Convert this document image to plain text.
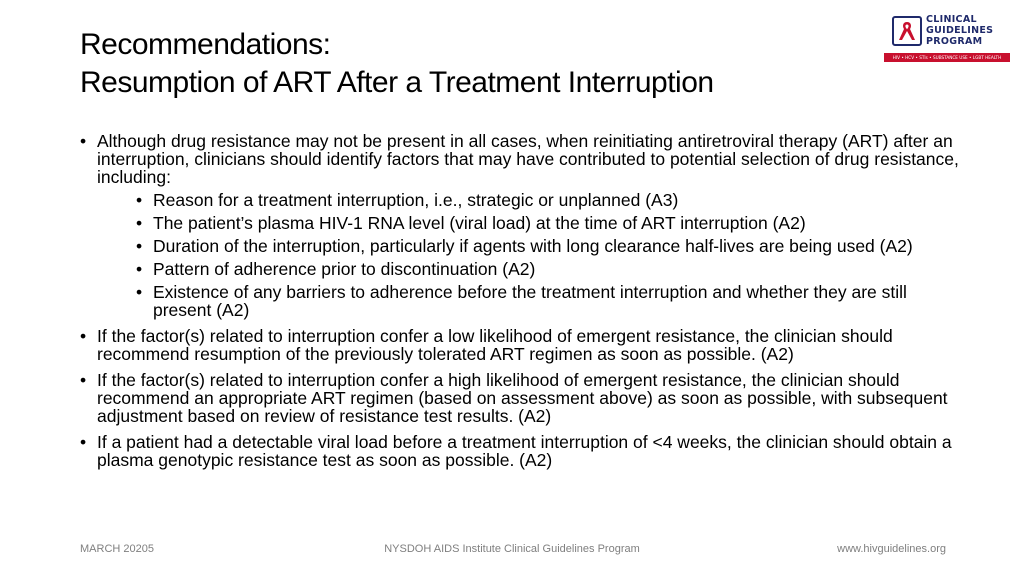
Recommendations:
Resumption of ART After a Treatment Interruption
CLINICAL
GUIDELINES
PROGRAM
HIV • HCV • STIs • SUBSTANCE USE • LGBT HEALTH
• Although drug resistance may not be present in all cases, when reinitiating antiretroviral therapy (ART) after an interruption, clinicians should identify factors that may have contributed to potential selection of drug resistance, including:
• Reason for a treatment interruption, i.e., strategic or unplanned (A3)
• The patient’s plasma HIV-1 RNA level (viral load) at the time of ART interruption (A2)
• Duration of the interruption, particularly if agents with long clearance half-lives are being used (A2)
• Pattern of adherence prior to discontinuation (A2)
• Existence of any barriers to adherence before the treatment interruption and whether they are still present (A2)
• If the factor(s) related to interruption confer a low likelihood of emergent resistance, the clinician should recommend resumption of the previously tolerated ART regimen as soon as possible. (A2)
• If the factor(s) related to interruption confer a high likelihood of emergent resistance, the clinician should recommend an appropriate ART regimen (based on assessment above) as soon as possible, with subsequent adjustment based on review of resistance test results. (A2)
• If a patient had a detectable viral load before a treatment interruption of <4 weeks, the clinician should obtain a plasma genotypic resistance test as soon as possible. (A2)
MARCH 20205	NYSDOH AIDS Institute Clinical Guidelines Program	www.hivguidelines.org
